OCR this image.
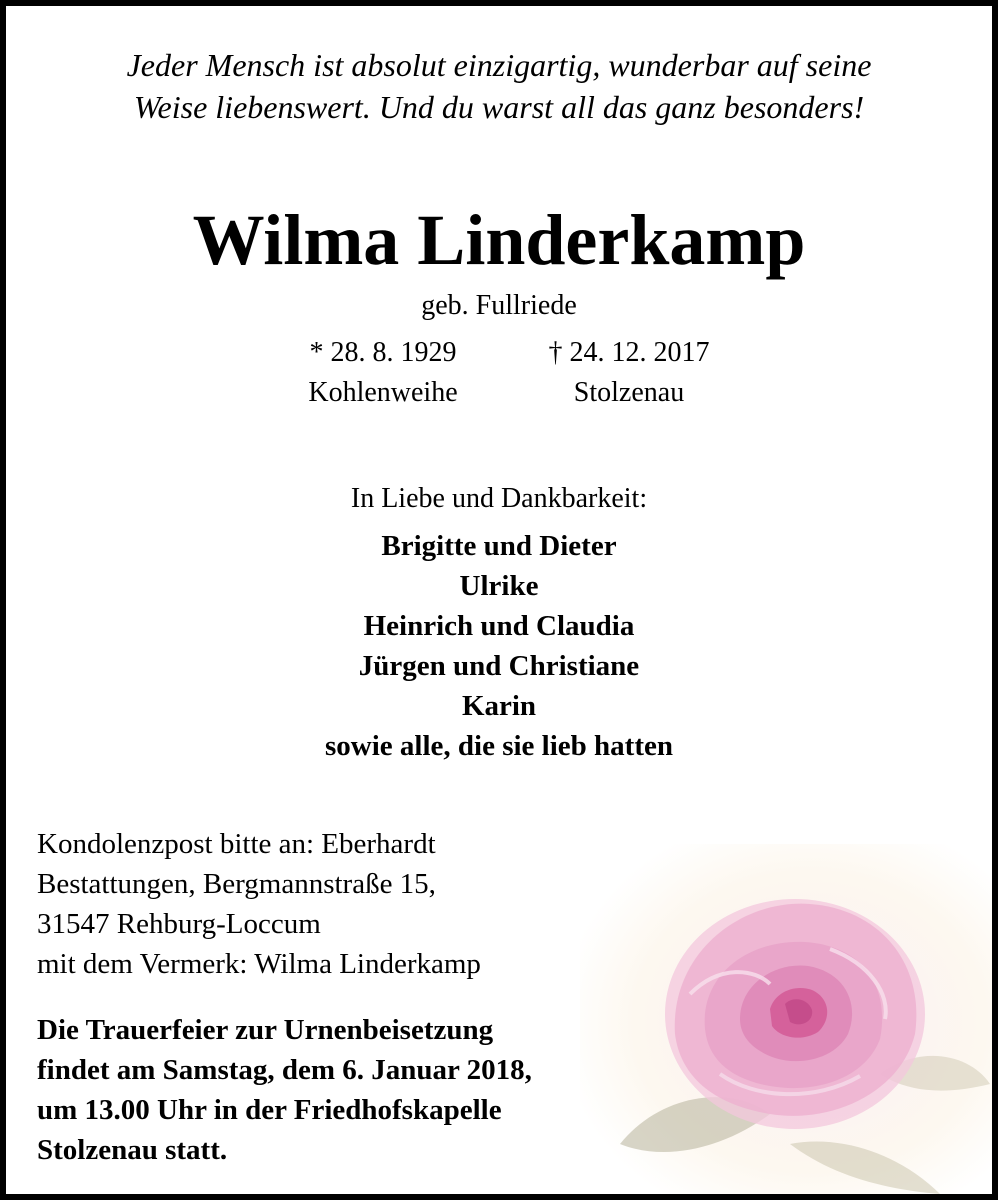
Jeder Mensch ist absolut einzigartig, wunderbar auf seine
Weise liebenswert. Und du warst all das ganz besonders!
Wilma Linderkamp
geb. Fullriede
* 28. 8. 1929
Kohlenweihe
† 24. 12. 2017
Stolzenau
In Liebe und Dankbarkeit:
Brigitte und Dieter
Ulrike
Heinrich und Claudia
Jürgen und Christiane
Karin
sowie alle, die sie lieb hatten
Kondolenzpost bitte an: Eberhardt
Bestattungen, Bergmannstraße 15,
31547 Rehburg-Loccum
mit dem Vermerk: Wilma Linderkamp
Die Trauerfeier zur Urnenbeisetzung
findet am Samstag, dem 6. Januar 2018,
um 13.00 Uhr in der Friedhofskapelle
Stolzenau statt.
